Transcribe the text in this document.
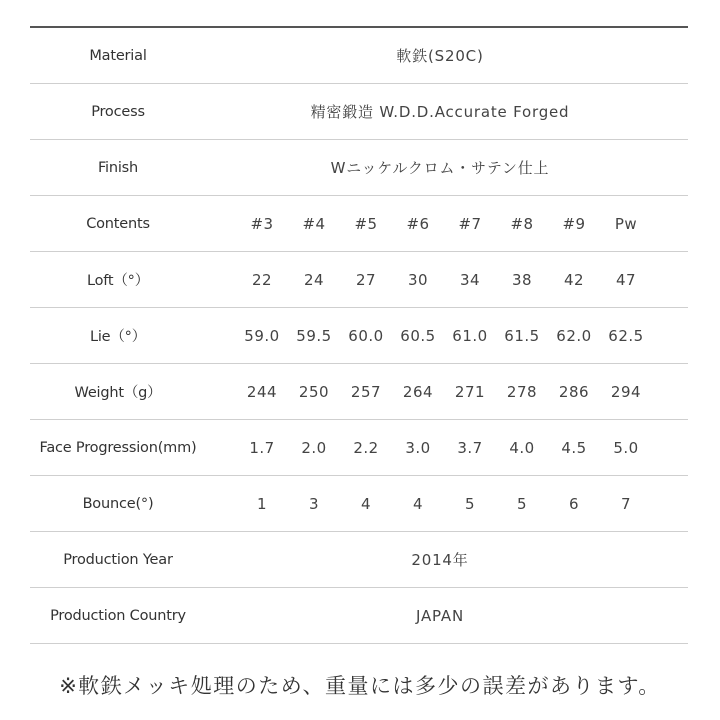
Material	軟鉄(S20C)
Process	精密鍛造 W.D.D.Accurate Forged
Finish	Wニッケルクロム・サテン仕上
Contents	#3	#4	#5	#6	#7	#8	#9	Pw
Loft（°）	22	24	27	30	34	38	42	47
Lie（°）	59.0	59.5	60.0	60.5	61.0	61.5	62.0	62.5
Weight（g）	244	250	257	264	271	278	286	294
Face Progression(mm)	1.7	2.0	2.2	3.0	3.7	4.0	4.5	5.0
Bounce(°)	1	3	4	4	5	5	6	7
Production Year	2014年
Production Country	JAPAN
※軟鉄メッキ処理のため、重量には多少の誤差があります。
